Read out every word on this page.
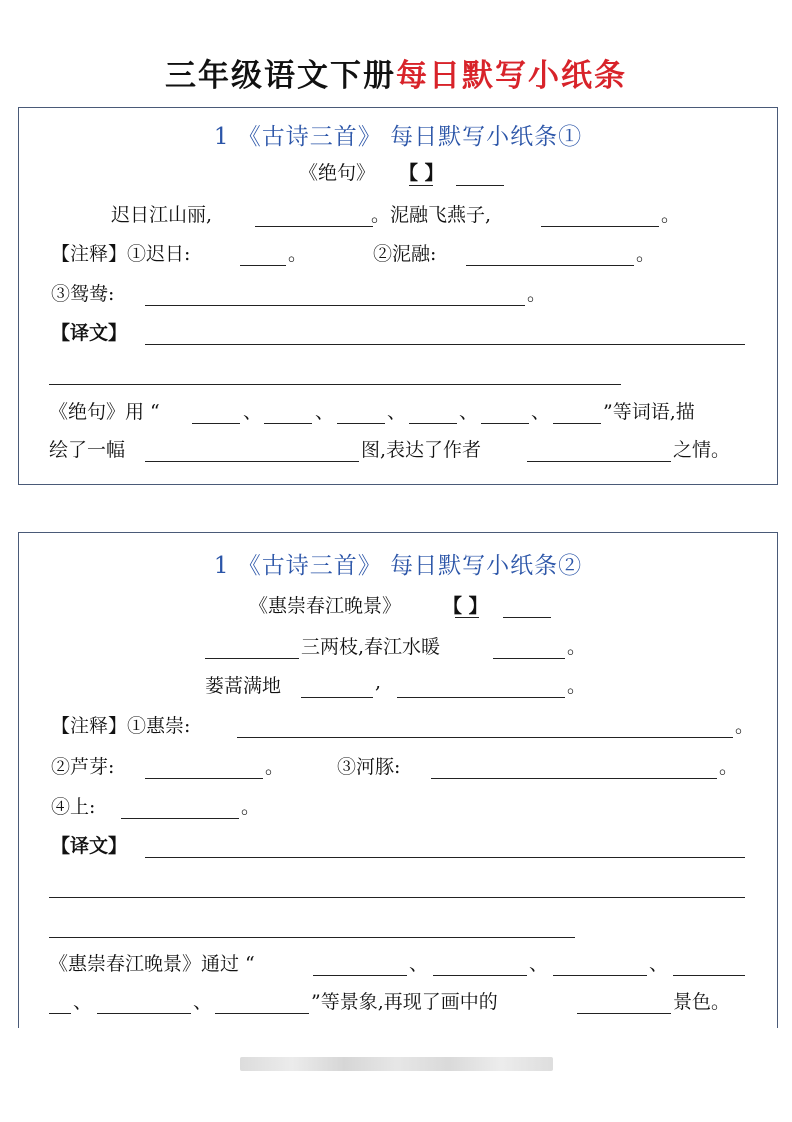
三年级语文下册每日默写小纸条
1 《古诗三首》 每日默写小纸条①
《绝句》 【 】
迟日江山丽,	。泥融飞燕子,	。
【注释】①迟日:	。	②泥融:	。
③鸳鸯:	。
【译文】
《绝句》用 “	、	、	、	、	、	”等词语,描
绘了一幅	图,表达了作者	之情。
1 《古诗三首》 每日默写小纸条②
《惠崇春江晚景》 【 】
三两枝,春江水暖	。
蒌蒿满地	,	。
【注释】①惠崇:	。
②芦芽:	。	③河豚:	。
④上:	。
【译文】
《惠崇春江晚景》通过 “	、	、	、
、	、	”等景象,再现了画中的	景色。
